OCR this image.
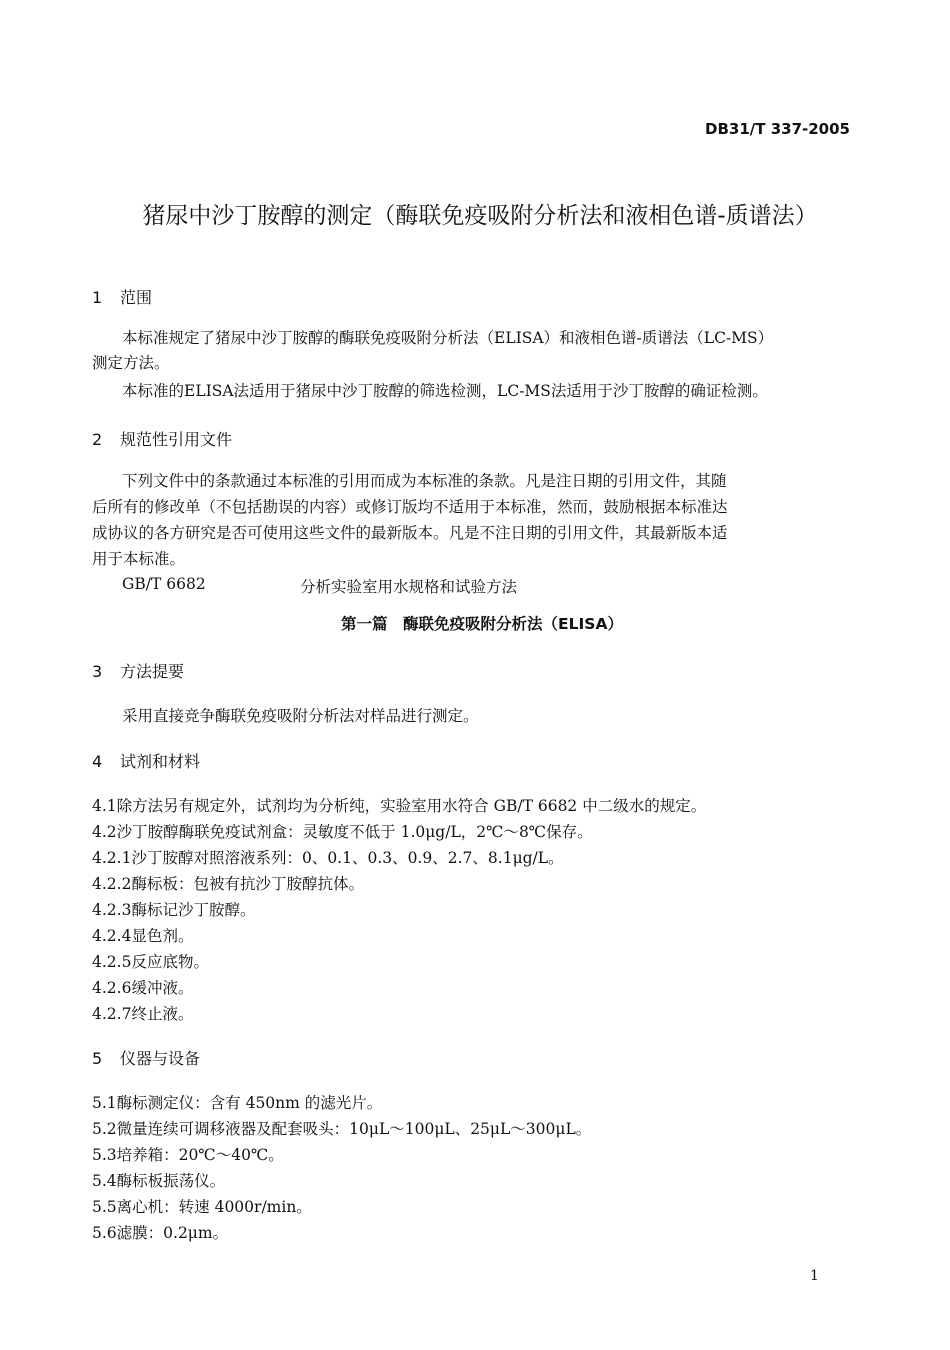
DB31/T 337-2005
猪尿中沙丁胺醇的测定（酶联免疫吸附分析法和液相色谱-质谱法）
1 范围
本标准规定了猪尿中沙丁胺醇的酶联免疫吸附分析法（ELISA）和液相色谱-质谱法（LC-MS）
测定方法。
本标准的ELISA法适用于猪尿中沙丁胺醇的筛选检测，LC-MS法适用于沙丁胺醇的确证检测。
2 规范性引用文件
下列文件中的条款通过本标准的引用而成为本标准的条款。凡是注日期的引用文件，其随
后所有的修改单（不包括勘误的内容）或修订版均不适用于本标准，然而，鼓励根据本标准达
成协议的各方研究是否可使用这些文件的最新版本。凡是不注日期的引用文件，其最新版本适
用于本标准。
GB/T 6682	分析实验室用水规格和试验方法
第一篇　酶联免疫吸附分析法（ELISA）
3 方法提要
采用直接竞争酶联免疫吸附分析法对样品进行测定。
4 试剂和材料
4.1除方法另有规定外，试剂均为分析纯，实验室用水符合 GB/T 6682 中二级水的规定。
4.2沙丁胺醇酶联免疫试剂盒：灵敏度不低于 1.0μg/L，2℃～8℃保存。
4.2.1沙丁胺醇对照溶液系列：0、0.1、0.3、0.9、2.7、8.1μg/L。
4.2.2酶标板：包被有抗沙丁胺醇抗体。
4.2.3酶标记沙丁胺醇。
4.2.4显色剂。
4.2.5反应底物。
4.2.6缓冲液。
4.2.7终止液。
5 仪器与设备
5.1酶标测定仪：含有 450nm 的滤光片。
5.2微量连续可调移液器及配套吸头：10μL～100μL、25μL～300μL。
5.3培养箱：20℃～40℃。
5.4酶标板振荡仪。
5.5离心机：转速 4000r/min。
5.6滤膜：0.2μm。
1
